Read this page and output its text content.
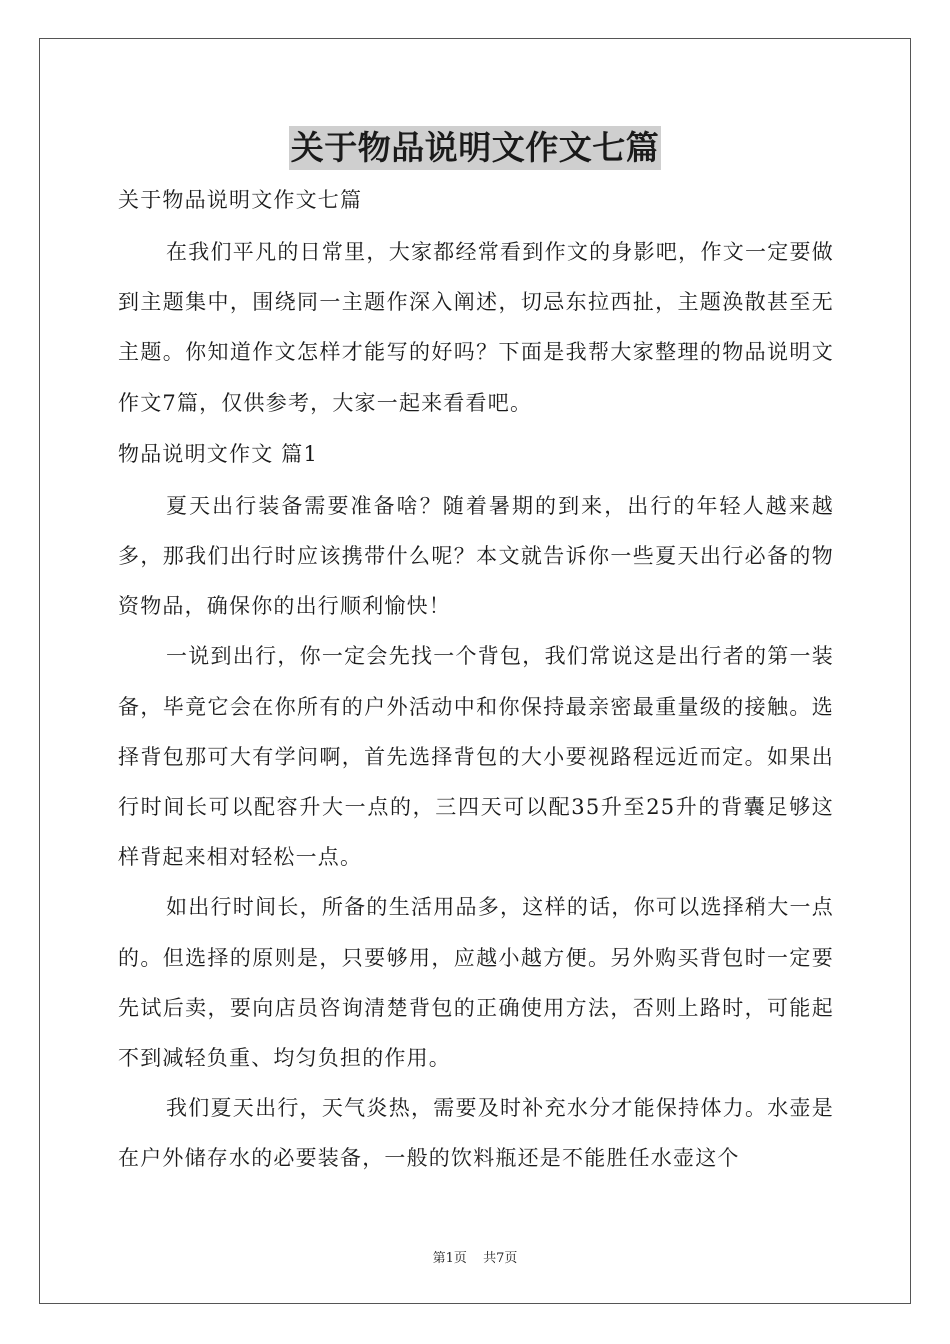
关于物品说明文作文七篇

关于物品说明文作文七篇

在我们平凡的日常里，大家都经常看到作文的身影吧，作文一定要做到主题集中，围绕同一主题作深入阐述，切忌东拉西扯，主题涣散甚至无主题。你知道作文怎样才能写的好吗？下面是我帮大家整理的物品说明文作文7篇，仅供参考，大家一起来看看吧。

物品说明文作文 篇1

夏天出行装备需要准备啥？随着暑期的到来，出行的年轻人越来越多，那我们出行时应该携带什么呢？本文就告诉你一些夏天出行必备的物资物品，确保你的出行顺利愉快！

一说到出行，你一定会先找一个背包，我们常说这是出行者的第一装备，毕竟它会在你所有的户外活动中和你保持最亲密最重量级的接触。选择背包那可大有学问啊，首先选择背包的大小要视路程远近而定。如果出行时间长可以配容升大一点的，三四天可以配35升至25升的背囊足够这样背起来相对轻松一点。

如出行时间长，所备的生活用品多，这样的话，你可以选择稍大一点的。但选择的原则是，只要够用，应越小越方便。另外购买背包时一定要先试后卖，要向店员咨询清楚背包的正确使用方法，否则上路时，可能起不到减轻负重、均匀负担的作用。

我们夏天出行，天气炎热，需要及时补充水分才能保持体力。水壶是在户外储存水的必要装备，一般的饮料瓶还是不能胜任水壶这个

第1页 共7页
